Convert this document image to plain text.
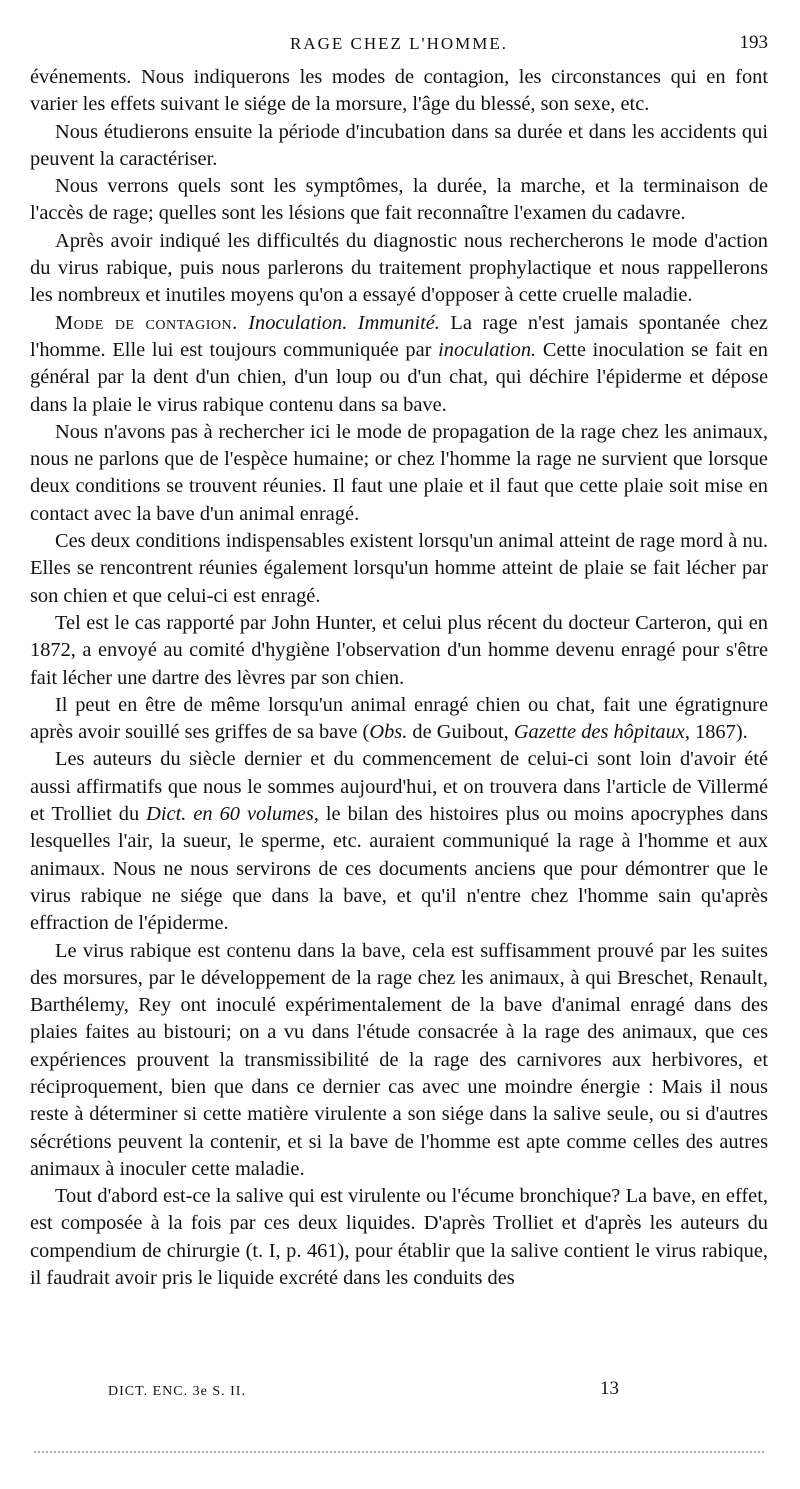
RAGE CHEZ L'HOMME.	193

événements. Nous indiquerons les modes de contagion, les circonstances qui en font varier les effets suivant le siége de la morsure, l'âge du blessé, son sexe, etc.

Nous étudierons ensuite la période d'incubation dans sa durée et dans les accidents qui peuvent la caractériser.

Nous verrons quels sont les symptômes, la durée, la marche, et la terminaison de l'accès de rage; quelles sont les lésions que fait reconnaître l'examen du cadavre.

Après avoir indiqué les difficultés du diagnostic nous rechercherons le mode d'action du virus rabique, puis nous parlerons du traitement prophylactique et nous rappellerons les nombreux et inutiles moyens qu'on a essayé d'opposer à cette cruelle maladie.

Mode de contagion. Inoculation. Immunité. La rage n'est jamais spontanée chez l'homme. Elle lui est toujours communiquée par inoculation. Cette inoculation se fait en général par la dent d'un chien, d'un loup ou d'un chat, qui déchire l'épiderme et dépose dans la plaie le virus rabique contenu dans sa bave.

Nous n'avons pas à rechercher ici le mode de propagation de la rage chez les animaux, nous ne parlons que de l'espèce humaine; or chez l'homme la rage ne survient que lorsque deux conditions se trouvent réunies. Il faut une plaie et il faut que cette plaie soit mise en contact avec la bave d'un animal enragé.

Ces deux conditions indispensables existent lorsqu'un animal atteint de rage mord à nu. Elles se rencontrent réunies également lorsqu'un homme atteint de plaie se fait lécher par son chien et que celui-ci est enragé.

Tel est le cas rapporté par John Hunter, et celui plus récent du docteur Carteron, qui en 1872, a envoyé au comité d'hygiène l'observation d'un homme devenu enragé pour s'être fait lécher une dartre des lèvres par son chien.

Il peut en être de même lorsqu'un animal enragé chien ou chat, fait une égratignure après avoir souillé ses griffes de sa bave (Obs. de Guibout, Gazette des hôpitaux, 1867).

Les auteurs du siècle dernier et du commencement de celui-ci sont loin d'avoir été aussi affirmatifs que nous le sommes aujourd'hui, et on trouvera dans l'article de Villermé et Trolliet du Dict. en 60 volumes, le bilan des histoires plus ou moins apocryphes dans lesquelles l'air, la sueur, le sperme, etc. auraient communiqué la rage à l'homme et aux animaux. Nous ne nous servirons de ces documents anciens que pour démontrer que le virus rabique ne siége que dans la bave, et qu'il n'entre chez l'homme sain qu'après effraction de l'épiderme.

Le virus rabique est contenu dans la bave, cela est suffisamment prouvé par les suites des morsures, par le développement de la rage chez les animaux, à qui Breschet, Renault, Barthélemy, Rey ont inoculé expérimentalement de la bave d'animal enragé dans des plaies faites au bistouri; on a vu dans l'étude consacrée à la rage des animaux, que ces expériences prouvent la transmissibilité de la rage des carnivores aux herbivores, et réciproquement, bien que dans ce dernier cas avec une moindre énergie : Mais il nous reste à déterminer si cette matière virulente a son siége dans la salive seule, ou si d'autres sécrétions peuvent la contenir, et si la bave de l'homme est apte comme celles des autres animaux à inoculer cette maladie.

Tout d'abord est-ce la salive qui est virulente ou l'écume bronchique? La bave, en effet, est composée à la fois par ces deux liquides. D'après Trolliet et d'après les auteurs du compendium de chirurgie (t. I, p. 461), pour établir que la salive contient le virus rabique, il faudrait avoir pris le liquide excrété dans les conduits des

DICT. ENC. 3e S. II.	13
